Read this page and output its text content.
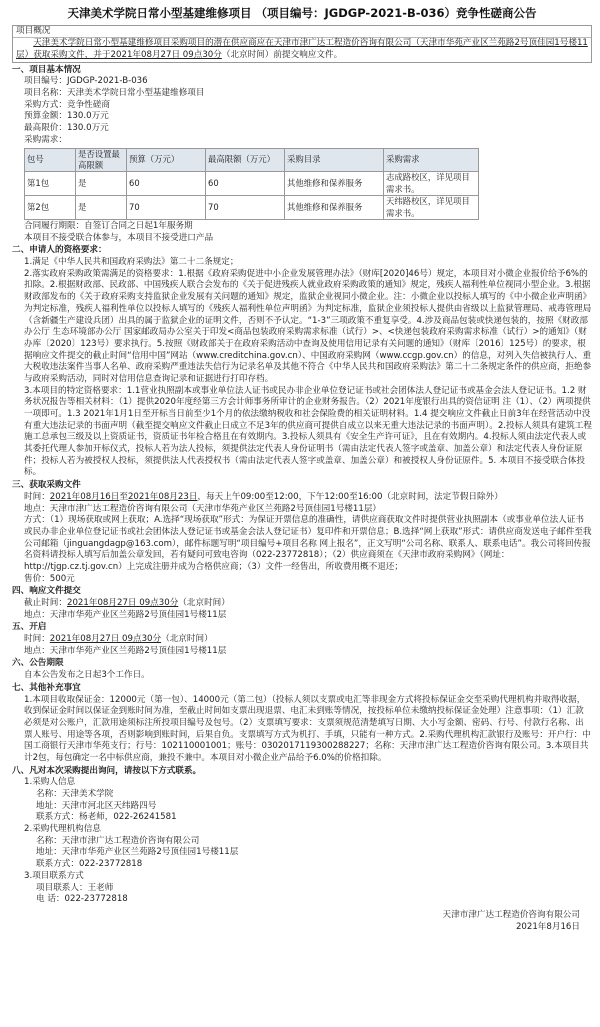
天津美术学院日常小型基建维修项目 （项目编号：JGDGP-2021-B-036）竞争性磋商公告
项目概况
天津美术学院日常小型基建维修项目采购项目的潜在供应商应在天津市津广达工程造价咨询有限公司（天津市华苑产业区兰苑路2号顶佳园1号楼11层）获取采购文件，并于2021年08月27日 09点30分（北京时间）前提交响应文件。
一、项目基本情况
项目编号：JGDGP-2021-B-036
项目名称：天津美术学院日常小型基建维修项目
采购方式：竞争性磋商
预算金额：130.0万元
最高限价：130.0万元
采购需求：
包号	是否设置最高限额	预算（万元）	最高限额（万元）	采购目录	采购需求
第1包	是	60	60	其他维修和保养服务	志成路校区，详见项目需求书。
第2包	是	70	70	其他维修和保养服务	天纬路校区，详见项目需求书。
合同履行期限：自签订合同之日起1年服务期
本项目不接受联合体参与，本项目不接受进口产品
二、申请人的资格要求：
1.满足《中华人民共和国政府采购法》第二十二条规定；
2.落实政府采购政策需满足的资格要求：1.根据《政府采购促进中小企业发展管理办法》（财库[2020]46号）规定，本项目对小微企业报价给予6%的扣除。2.根据财政部、民政部、中国残疾人联合会发布的《关于促进残疾人就业政府采购政策的通知》规定，残疾人福利性单位视同小型企业。3.根据财政部发布的《关于政府采购支持监狱企业发展有关问题的通知》规定，监狱企业视同小微企业。注：小微企业以投标人填写的《中小微企业声明函》为判定标准，残疾人福利性单位以投标人填写的《残疾人福利性单位声明函》为判定标准，监狱企业须投标人提供由省级以上监狱管理局、戒毒管理局（含新疆生产建设兵团）出具的属于监狱企业的证明文件，否则不予认定。“1-3”三项政策不重复享受。4.涉及商品包装或快递包装的，按照《财政部办公厅 生态环境部办公厅 国家邮政局办公室关于印发<商品包装政府采购需求标准（试行）>、<快递包装政府采购需求标准（试行）>的通知》（财办库〔2020〕123号）要求执行。5.按照《财政部关于在政府采购活动中查询及使用信用记录有关问题的通知》（财库〔2016〕125号）的要求，根据响应文件提交的截止时间“信用中国”网站（www.creditchina.gov.cn）、中国政府采购网（www.ccgp.gov.cn）的信息，对列入失信被执行人、重大税收违法案件当事人名单、政府采购严重违法失信行为记录名单及其他不符合《中华人民共和国政府采购法》第二十二条规定条件的供应商，拒绝参与政府采购活动，同时对信用信息查询记录和证据进行打印存档。
3.本项目的特定资格要求：1.1营业执照副本或事业单位法人证书或民办非企业单位登记证书或社会团体法人登记证书或基金会法人登记证书。1.2 财务状况报告等相关材料：（1）提供2020年度经第三方会计师事务所审计的企业财务报告。（2）2021年度银行出具的资信证明 注（1）、（2）两项提供一项即可。1.3 2021年1月1日至开标当日前至少1个月的依法缴纳税收和社会保险费的相关证明材料。1.4 提交响应文件截止日前3年在经营活动中没有重大违法记录的书面声明（截至提交响应文件截止日成立不足3年的供应商可提供自成立以来无重大违法记录的书面声明）。2.投标人须具有建筑工程施工总承包三级及以上资质证书，资质证书年检合格且在有效期内。3.投标人须具有《安全生产许可证》，且在有效期内。4.投标人须由法定代表人或其委托代理人参加开标仪式，投标人若为法人投标，须提供法定代表人身份证明书（需由法定代表人签字或盖章、加盖公章）和法定代表人身份证原件；投标人若为被授权人投标，须提供法人代表授权书（需由法定代表人签字或盖章、加盖公章）和被授权人身份证原件。5. 本项目不接受联合体投标。
三、获取采购文件
时间：2021年08月16日至2021年08月23日，每天上午09:00至12:00，下午12:00至16:00（北京时间，法定节假日除外）
地点：天津市津广达工程造价咨询有限公司（天津市华苑产业区兰苑路2号顶佳园1号楼11层）
方式：（1）现场获取或网上获取；A.选择“现场获取”形式：为保证开票信息的准确性，请供应商获取文件时提供营业执照副本（或事业单位法人证书或民办非企业单位登记证书或社会团体法人登记证书或基金会法人登记证书）复印件和开票信息；B.选择“网上获取”形式：请供应商发送电子邮件至我公司邮箱（jinguangdagp@163.com），邮件标题写明“项目编号+项目名称 网上报名”，正文写明“公司名称、联系人、联系电话”。我公司将回传报名资料请投标人填写后加盖公章发回，若有疑问可致电咨询（022-23772818）；（2）供应商须在《天津市政府采购网》（网址：http://tjgp.cz.tj.gov.cn）上完成注册并成为合格供应商；（3）文件一经售出，所收费用概不退还；
售价：500元
四、响应文件提交
截止时间：2021年08月27日 09点30分（北京时间）
地点：天津市华苑产业区兰苑路2号顶佳园1号楼11层
五、开启
时间：2021年08月27日 09点30分（北京时间）
地点：天津市华苑产业区兰苑路2号顶佳园1号楼11层
六、公告期限
自本公告发布之日起3个工作日。
七、其他补充事宜
1.本项目收取保证金：12000元（第一包）、14000元（第二包）（投标人须以支票或电汇等非现金方式将投标保证金交至采购代理机构并取得收据，收到保证金时间以保证金到账时间为准，至截止时间如支票出现退票、电汇未到账等情况，按投标单位未缴纳投标保证金处理）注意事项：（1）汇款必须是对公账户，汇款用途须标注所投项目编号及包号。（2）支票填写要求：支票须规范清楚填写日期、大小写金额、密码、行号、付款行名称、出票人账号、用途等各项，否则影响到账时间，后果自负。支票填写方式为机打、手填，只能有一种方式。2.采购代理机构汇款银行及账号：开户行：中国工商银行天津市华苑支行；行号：102110001001；账号：0302017119300288227；名称：天津市津广达工程造价咨询有限公司。3.本项目共计2包，每包确定一名中标供应商，兼投不兼中。本项目对小微企业产品给予6.0%的价格扣除。
八、凡对本次采购提出询问，请按以下方式联系。
1.采购人信息
名称：天津美术学院
地址：天津市河北区天纬路四号
联系方式：杨老师，022-26241581
2.采购代理机构信息
名称：天津市津广达工程造价咨询有限公司
地址：天津市华苑产业区兰苑路2号顶佳园1号楼11层
联系方式：022-23772818
3.项目联系方式
项目联系人：王老师
电 话：022-23772818
天津市津广达工程造价咨询有限公司
2021年8月16日
